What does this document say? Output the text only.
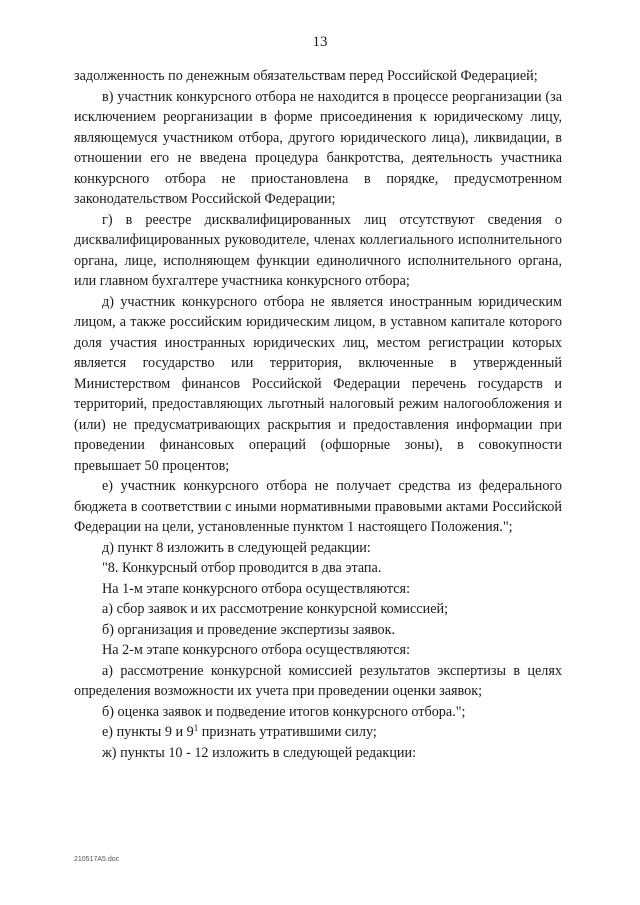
13

задолженность по денежным обязательствам перед Российской Федерацией;

в) участник конкурсного отбора не находится в процессе реорганизации (за исключением реорганизации в форме присоединения к юридическому лицу, являющемуся участником отбора, другого юридического лица), ликвидации, в отношении его не введена процедура банкротства, деятельность участника конкурсного отбора не приостановлена в порядке, предусмотренном законодательством Российской Федерации;

г) в реестре дисквалифицированных лиц отсутствуют сведения о дисквалифицированных руководителе, членах коллегиального исполнительного органа, лице, исполняющем функции единоличного исполнительного органа, или главном бухгалтере участника конкурсного отбора;

д) участник конкурсного отбора не является иностранным юридическим лицом, а также российским юридическим лицом, в уставном капитале которого доля участия иностранных юридических лиц, местом регистрации которых является государство или территория, включенные в утвержденный Министерством финансов Российской Федерации перечень государств и территорий, предоставляющих льготный налоговый режим налогообложения и (или) не предусматривающих раскрытия и предоставления информации при проведении финансовых операций (офшорные зоны), в совокупности превышает 50 процентов;

е) участник конкурсного отбора не получает средства из федерального бюджета в соответствии с иными нормативными правовыми актами Российской Федерации на цели, установленные пунктом 1 настоящего Положения.";

д) пункт 8 изложить в следующей редакции:

"8. Конкурсный отбор проводится в два этапа.

На 1-м этапе конкурсного отбора осуществляются:

а) сбор заявок и их рассмотрение конкурсной комиссией;

б) организация и проведение экспертизы заявок.

На 2-м этапе конкурсного отбора осуществляются:

а) рассмотрение конкурсной комиссией результатов экспертизы в целях определения возможности их учета при проведении оценки заявок;

б) оценка заявок и подведение итогов конкурсного отбора.";

е) пункты 9 и $9^1$ признать утратившими силу;

ж) пункты 10 - 12 изложить в следующей редакции:

210517A5.doc
